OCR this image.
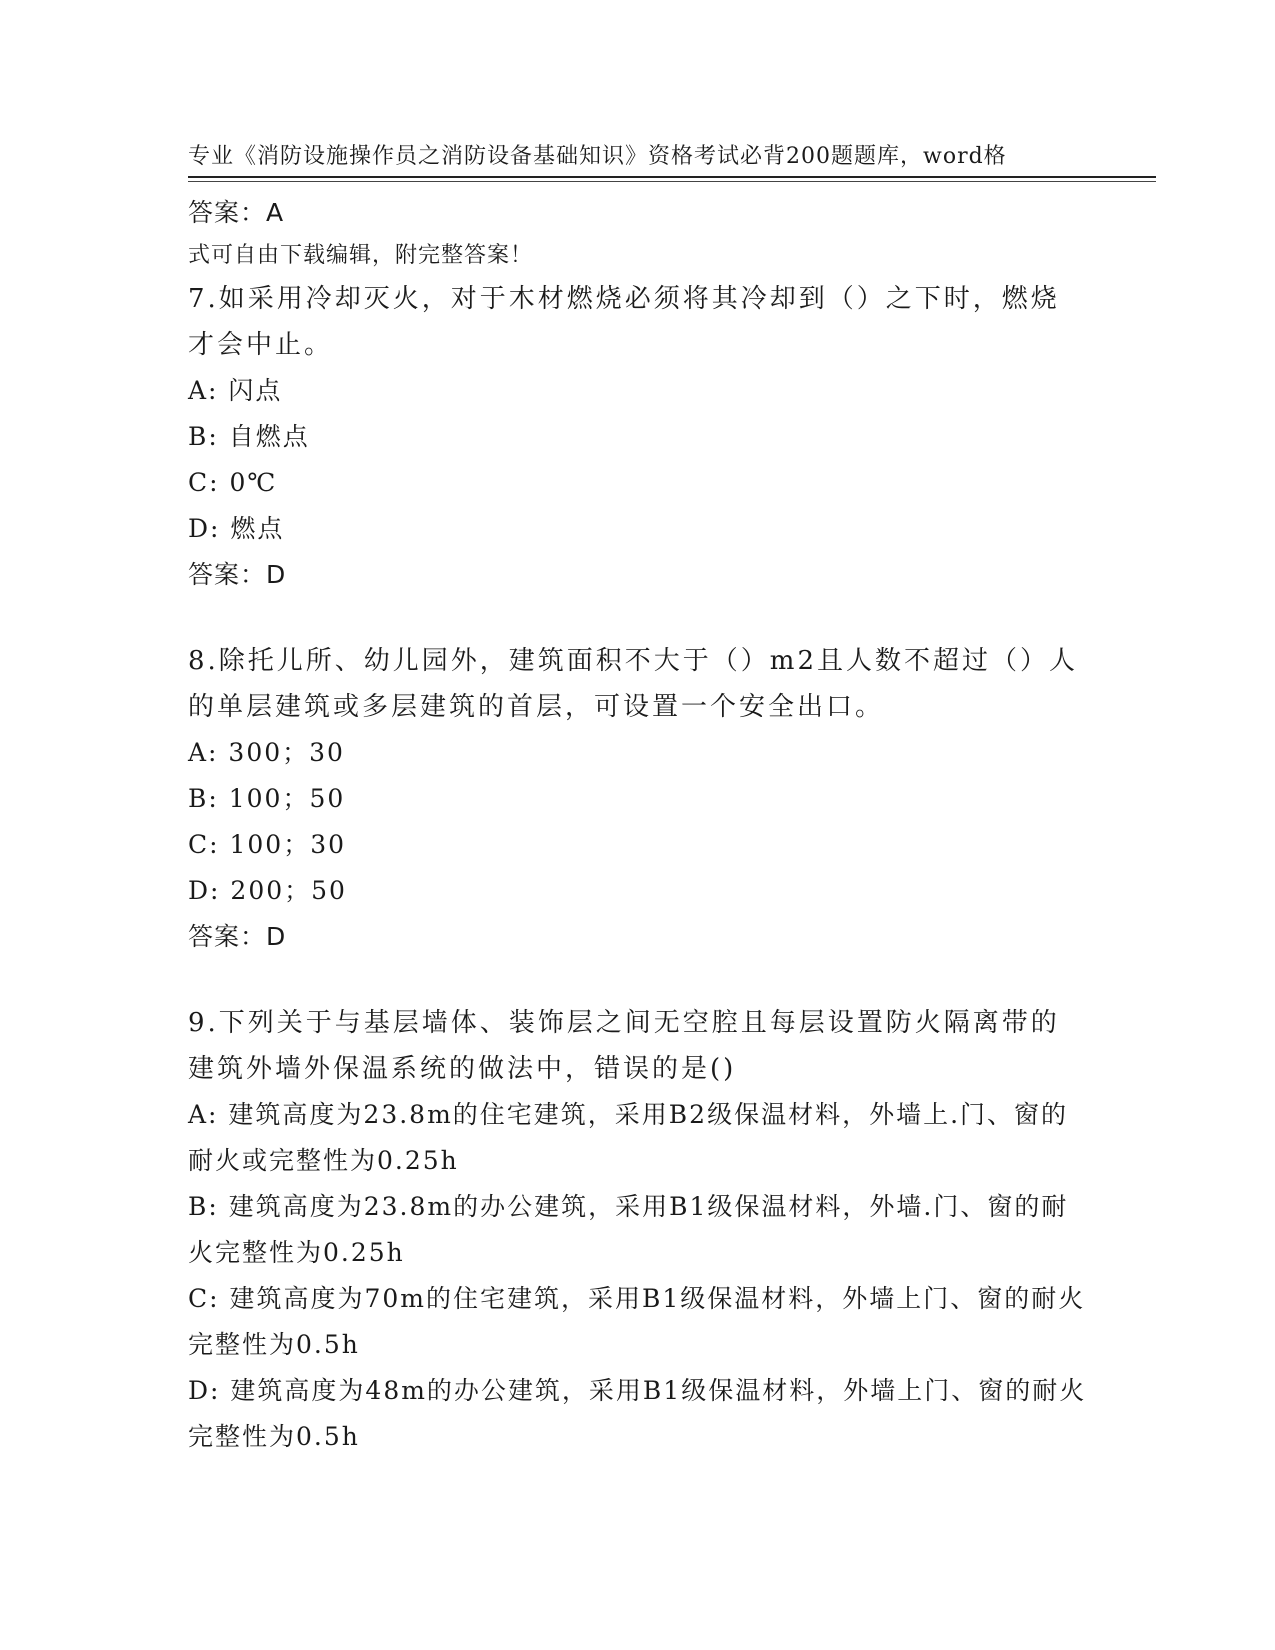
专业《消防设施操作员之消防设备基础知识》资格考试必背200题题库，word格

式可自由下载编辑，附完整答案！

答案：A

7.如采用冷却灭火，对于木材燃烧必须将其冷却到（）之下时，燃烧才会中止。

A: 闪点

B: 自燃点

C: 0℃

D: 燃点

答案：D

8.除托儿所、幼儿园外，建筑面积不大于（）m2且人数不超过（）人的单层建筑或多层建筑的首层，可设置一个安全出口。

A: 300；30

B: 100；50

C: 100；30

D: 200；50

答案：D

9.下列关于与基层墙体、装饰层之间无空腔且每层设置防火隔离带的建筑外墙外保温系统的做法中，错误的是()

A: 建筑高度为23.8m的住宅建筑，采用B2级保温材料，外墙上.门、窗的耐火或完整性为0.25h

B: 建筑高度为23.8m的办公建筑，采用B1级保温材料，外墙.门、窗的耐火完整性为0.25h

C: 建筑高度为70m的住宅建筑，采用B1级保温材料，外墙上门、窗的耐火完整性为0.5h

D: 建筑高度为48m的办公建筑，采用B1级保温材料，外墙上门、窗的耐火完整性为0.5h
